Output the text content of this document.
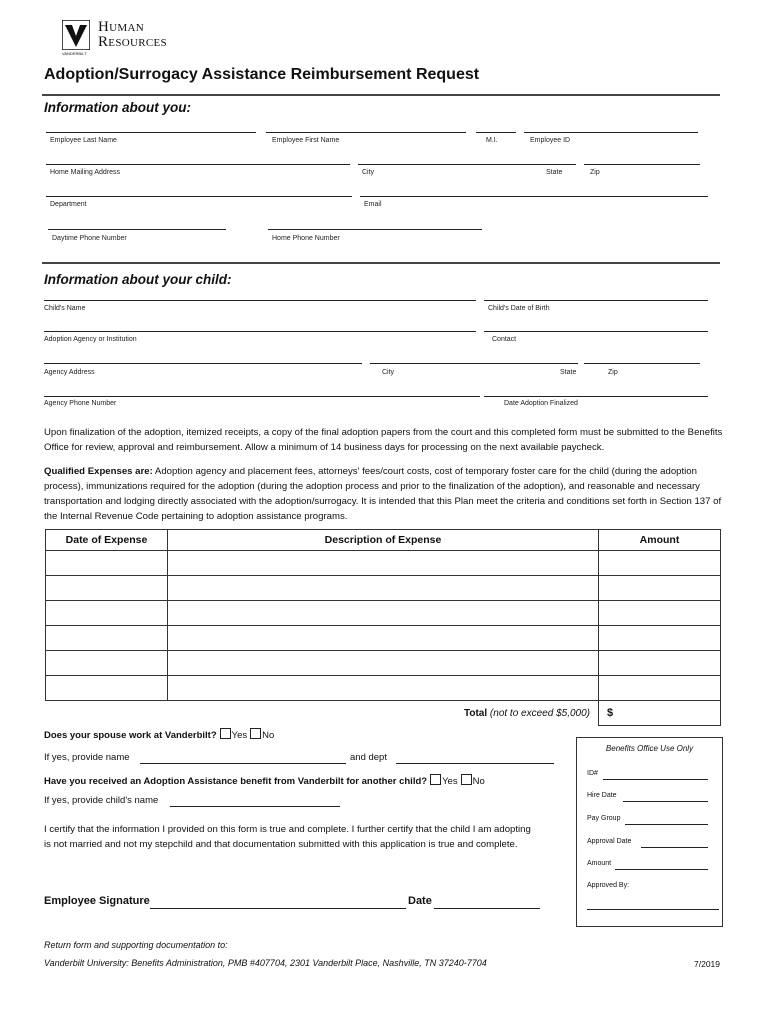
Human
Resources
VANDERBILT
Adoption/Surrogacy Assistance Reimbursement Request
Information about you:
Employee Last Name	Employee First Name	M.I.	Employee ID
Home Mailing Address	City	State	Zip
Department	Email
Daytime Phone Number	Home Phone Number
Information about your child:
Child's Name	Child's Date of Birth
Adoption Agency or Institution	Contact
Agency Address	City	State	Zip
Agency Phone Number	Date Adoption Finalized
Upon finalization of the adoption, itemized receipts, a copy of the final adoption papers from the court and this completed form must be submitted to the Benefits Office for review, approval and reimbursement. Allow a minimum of 14 business days for processing on the next available paycheck.
Qualified Expenses are: Adoption agency and placement fees, attorneys' fees/court costs, cost of temporary foster care for the child (during the adoption process), immunizations required for the adoption (during the adoption process and prior to the finalization of the adoption), and reasonable and necessary transportation and lodging directly associated with the adoption/surrogacy. It is intended that this Plan meet the criteria and conditions set forth in Section 137 of the Internal Revenue Code pertaining to adoption assistance programs.
Date of Expense	Description of Expense	Amount

	Total (not to exceed $5,000)	$
Does your spouse work at Vanderbilt? Yes No
If yes, provide name	and dept
Have you received an Adoption Assistance benefit from Vanderbilt for another child? Yes No
If yes, provide child's name
I certify that the information I provided on this form is true and complete. I further certify that the child I am adopting is not married and not my stepchild and that documentation submitted with this application is true and complete.
Employee Signature	Date
Benefits Office Use Only
ID#
Hire Date
Pay Group
Approval Date
Amount
Approved By:
Return form and supporting documentation to:
Vanderbilt University: Benefits Administration, PMB #407704, 2301 Vanderbilt Place, Nashville, TN 37240-7704	7/2019
